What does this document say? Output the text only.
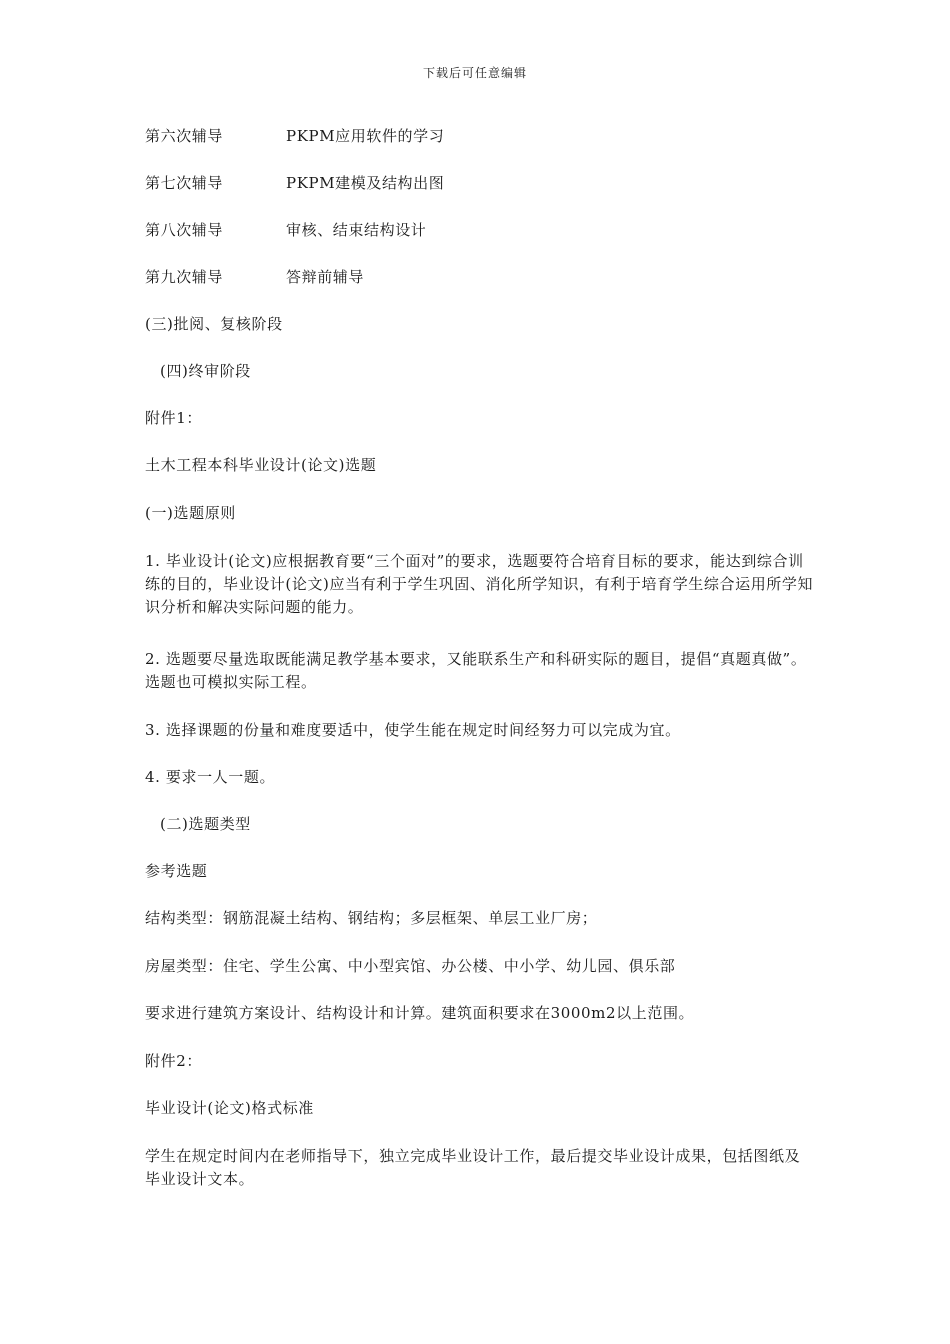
下载后可任意编辑
第六次辅导	PKPM应用软件的学习
第七次辅导	PKPM建模及结构出图
第八次辅导	审核、结束结构设计
第九次辅导	答辩前辅导

(三)批阅、复核阶段

(四)终审阶段

附件1：

土木工程本科毕业设计(论文)选题

(一)选题原则

1. 毕业设计(论文)应根据教育要“三个面对”的要求，选题要符合培育目标的要求，能达到综合训练的目的，毕业设计(论文)应当有利于学生巩固、消化所学知识，有利于培育学生综合运用所学知识分析和解决实际问题的能力。

2. 选题要尽量选取既能满足教学基本要求，又能联系生产和科研实际的题目，提倡“真题真做”。选题也可模拟实际工程。

3. 选择课题的份量和难度要适中，使学生能在规定时间经努力可以完成为宜。

4. 要求一人一题。

(二)选题类型

参考选题

结构类型：钢筋混凝土结构、钢结构；多层框架、单层工业厂房；

房屋类型：住宅、学生公寓、中小型宾馆、办公楼、中小学、幼儿园、俱乐部

要求进行建筑方案设计、结构设计和计算。建筑面积要求在3000m2以上范围。

附件2：

毕业设计(论文)格式标准

学生在规定时间内在老师指导下，独立完成毕业设计工作，最后提交毕业设计成果，包括图纸及毕业设计文本。
